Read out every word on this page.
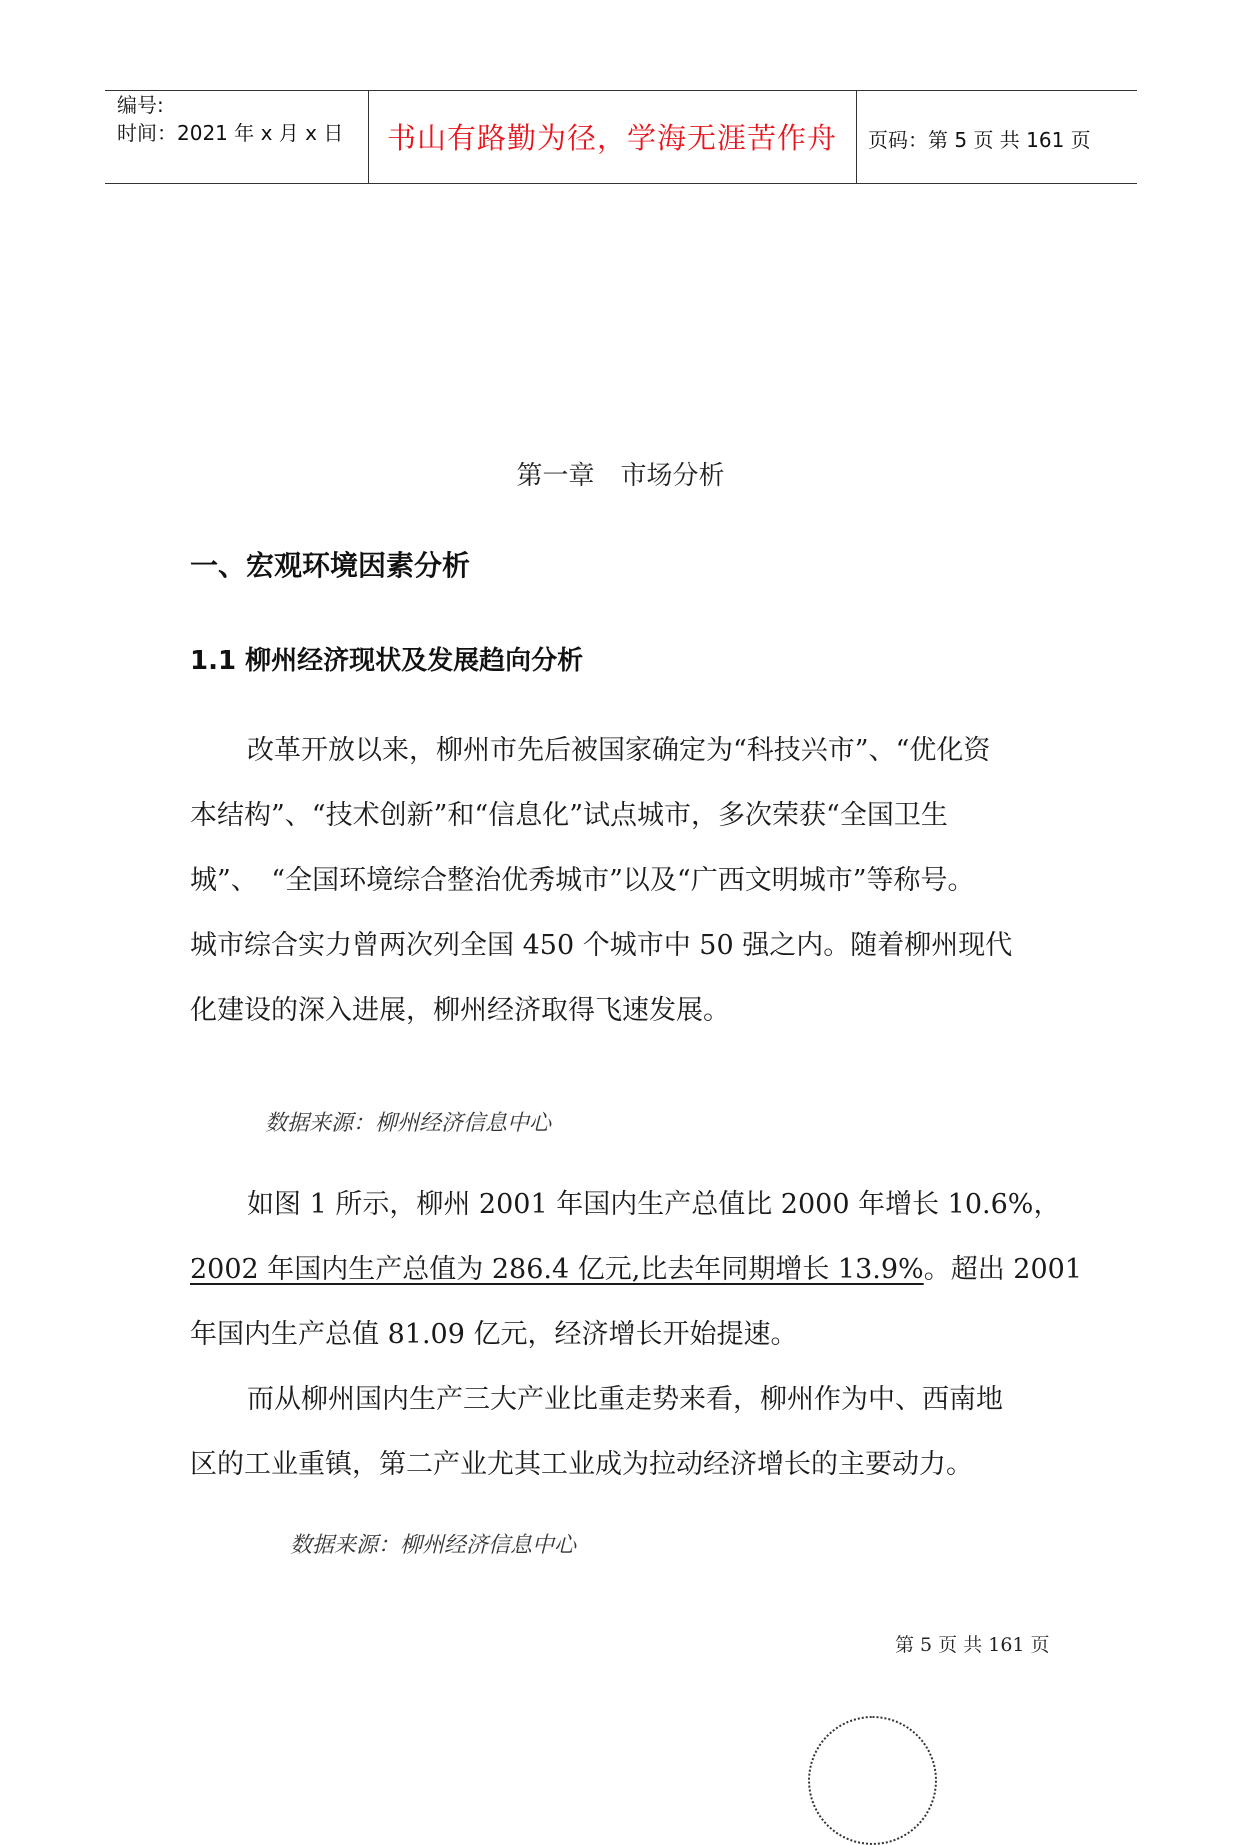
编号:
时间：2021 年 x 月 x 日	书山有路勤为径，学海无涯苦作舟	页码：第 5 页 共 161 页
第一章　市场分析
一、宏观环境因素分析
1.1 柳州经济现状及发展趋向分析
改革开放以来，柳州市先后被国家确定为“科技兴市”、“优化资
本结构”、“技术创新”和“信息化”试点城市，多次荣获“全国卫生
城”、　“全国环境综合整治优秀城市”以及“广西文明城市”等称号。
城市综合实力曾两次列全国 450 个城市中 50 强之内。随着柳州现代
化建设的深入进展，柳州经济取得飞速发展。
数据来源：柳州经济信息中心
如图 1 所示，柳州 2001 年国内生产总值比 2000 年增长 10.6%，
2002 年国内生产总值为 286.4 亿元,比去年同期增长 13.9%。超出 2001
年国内生产总值 81.09 亿元，经济增长开始提速。
而从柳州国内生产三大产业比重走势来看，柳州作为中、西南地
区的工业重镇，第二产业尤其工业成为拉动经济增长的主要动力。
数据来源：柳州经济信息中心
第 5 页 共 161 页
